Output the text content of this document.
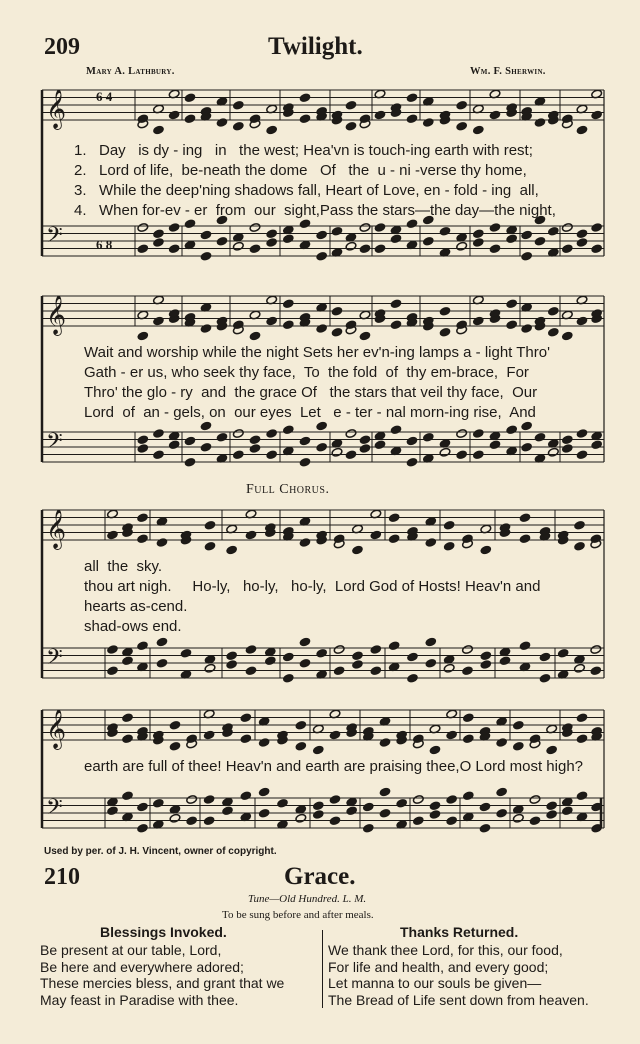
209	Twilight.
Mary A. Lathbury.	Wm. F. Sherwin.
𝄞
𝄢
𝄞
𝄢
𝄞
𝄢
𝄞
𝄢
6 4
6 8
1.   Day   is dy - ing   in   the west; Hea'vn is touch-ing earth with rest;
2.   Lord of life,  be-neath the dome   Of   the  u - ni -verse thy home,
3.   While the deep'ning shadows fall, Heart of Love, en - fold - ing  all,
4.   When for-ev - er  from  our  sight,Pass the stars—the day—the night,
Wait and worship while the night Sets her ev'n-ing lamps a - light Thro'
Gath - er us, who seek thy face,  To  the fold  of  thy em-brace,  For
Thro' the glo - ry  and  the grace Of   the stars that veil thy face,  Our
Lord  of  an - gels, on  our eyes  Let   e - ter - nal morn-ing rise,  And
Full Chorus.
all  the  sky.
thou art nigh.     Ho-ly,   ho-ly,   ho-ly,  Lord God of Hosts! Heav'n and
hearts as-cend.
shad-ows end.
earth are full of thee! Heav'n and earth are praising thee,O Lord most high?
Used by per. of J. H. Vincent, owner of copyright.
210	Grace.
Tune—Old Hundred. L. M.
To be sung before and after meals.
Blessings Invoked.	Thanks Returned.
Be present at our table, Lord,
Be here and everywhere adored;
These mercies bless, and grant that we
May feast in Paradise with thee.
We thank thee Lord, for this, our food,
For life and health, and every good;
Let manna to our souls be given—
The Bread of Life sent down from heaven.
